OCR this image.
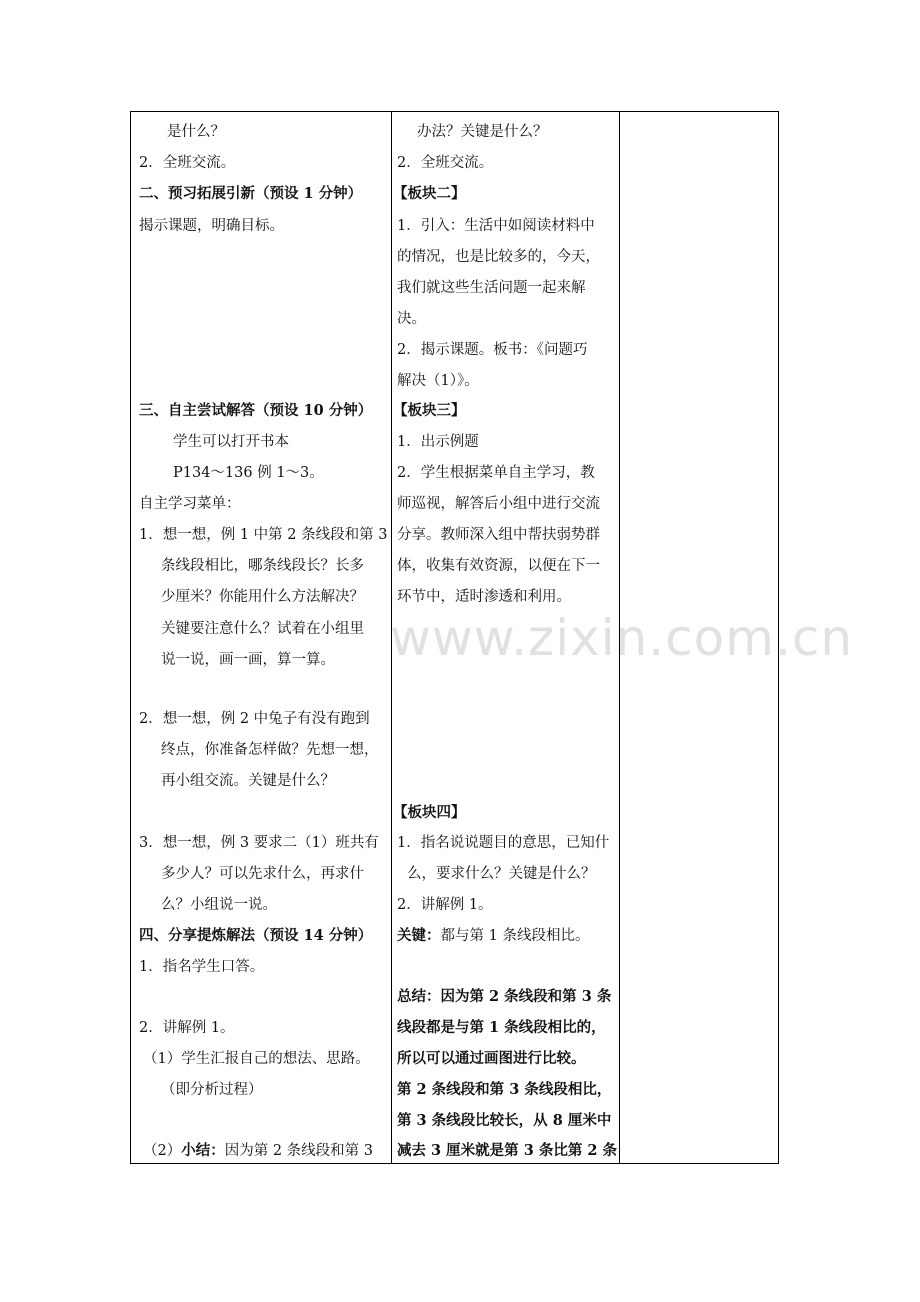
是什么？
2．全班交流。
二、预习拓展引新（预设 1 分钟）
揭示课题，明确目标。
三、自主尝试解答（预设 10 分钟）
学生可以打开书本
P134～136 例 1～3。
自主学习菜单：
1．想一想，例 1 中第 2 条线段和第 3
条线段相比，哪条线段长？长多
少厘米？你能用什么方法解决？
关键要注意什么？试着在小组里
说一说，画一画，算一算。
2．想一想，例 2 中兔子有没有跑到
终点，你准备怎样做？先想一想，
再小组交流。关键是什么？
3．想一想，例 3 要求二（1）班共有
多少人？可以先求什么，再求什
么？小组说一说。
四、分享提炼解法（预设 14 分钟）
1．指名学生口答。
2．讲解例 1。
（1）学生汇报自己的想法、思路。
（即分析过程）
（2）小结：因为第 2 条线段和第 3
办法？关键是什么？
2．全班交流。
【板块二】
1．引入：生活中如阅读材料中
的情况，也是比较多的，今天，
我们就这些生活问题一起来解
决。
2．揭示课题。板书：《问题巧
解决（1）》。
【板块三】
1．出示例题
2．学生根据菜单自主学习，教
师巡视，解答后小组中进行交流
分享。教师深入组中帮扶弱势群
体，收集有效资源，以便在下一
环节中，适时渗透和利用。
【板块四】
1．指名说说题目的意思，已知什
么，要求什么？关键是什么？
2．讲解例 1。
关键：都与第 1 条线段相比。
总结：因为第 2 条线段和第 3 条
线段都是与第 1 条线段相比的，
所以可以通过画图进行比较。
第 2 条线段和第 3 条线段相比，
第 3 条线段比较长，从 8 厘米中
减去 3 厘米就是第 3 条比第 2 条
www.zixin.com.cn
